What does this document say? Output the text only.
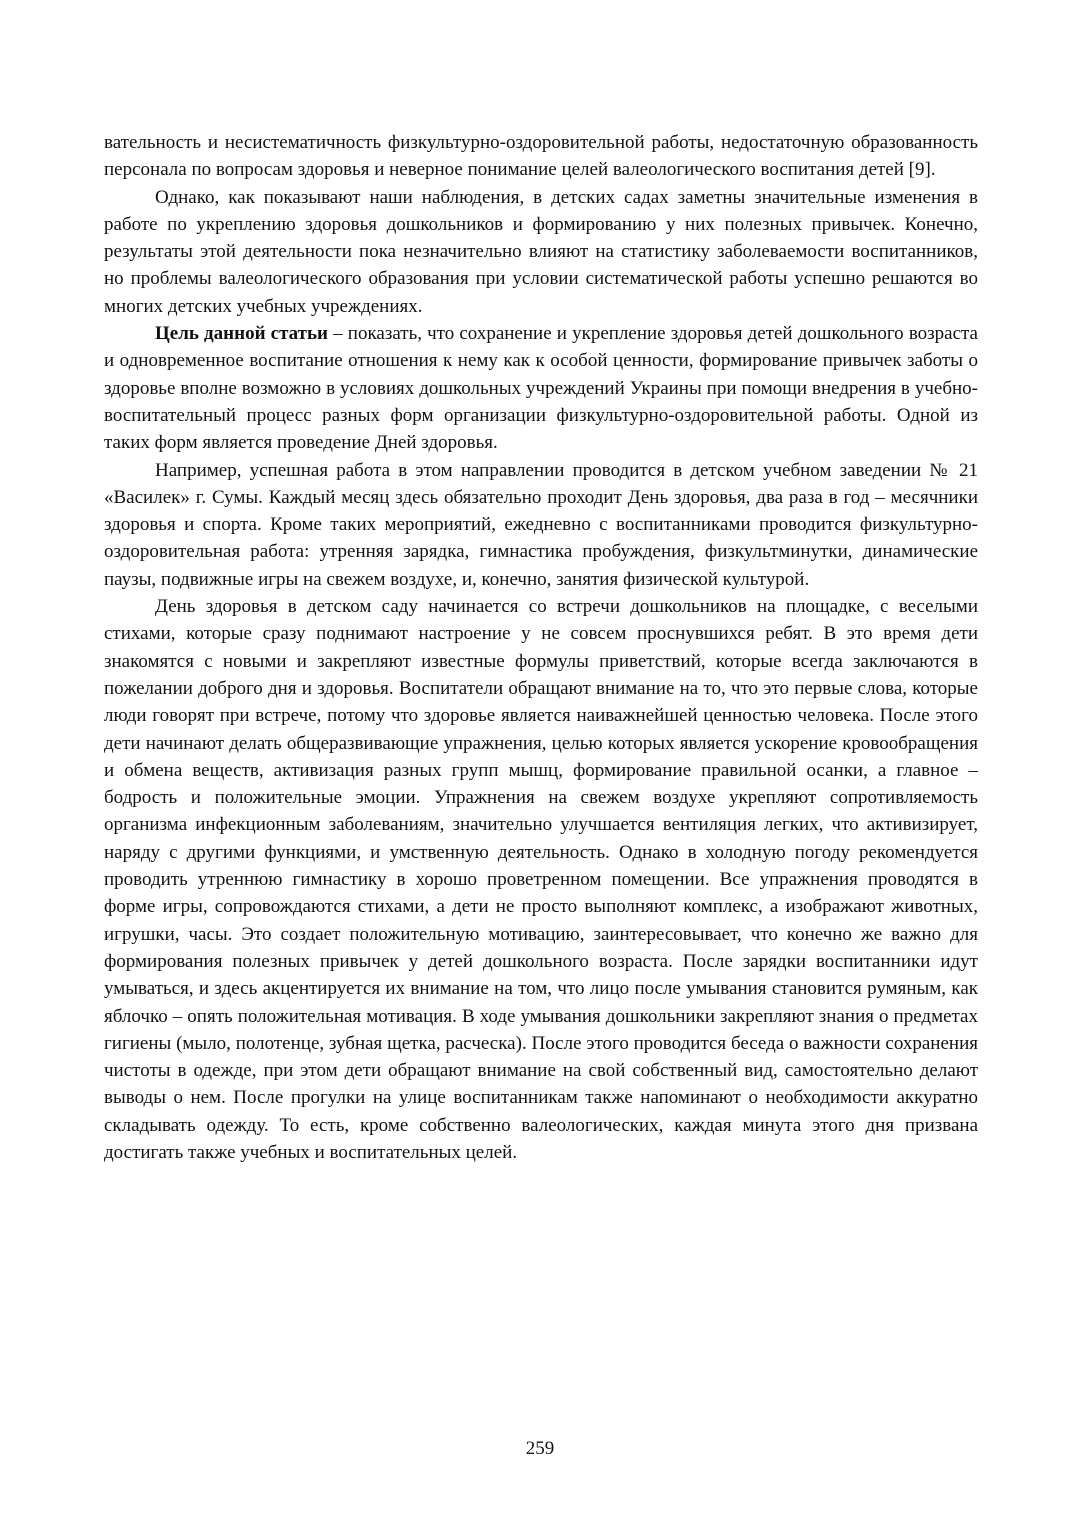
вательность и несистематичность физкультурно-оздоровительной работы, недостаточную образованность персонала по вопросам здоровья и неверное понимание целей валеологического воспитания детей [9].

Однако, как показывают наши наблюдения, в детских садах заметны значительные изменения в работе по укреплению здоровья дошкольников и формированию у них полезных привычек. Конечно, результаты этой деятельности пока незначительно влияют на статистику заболеваемости воспитанников, но проблемы валеологического образования при условии систематической работы успешно решаются во многих детских учебных учреждениях.

Цель данной статьи – показать, что сохранение и укрепление здоровья детей дошкольного возраста и одновременное воспитание отношения к нему как к особой ценности, формирование привычек заботы о здоровье вполне возможно в условиях дошкольных учреждений Украины при помощи внедрения в учебно-воспитательный процесс разных форм организации физкультурно-оздоровительной работы. Одной из таких форм является проведение Дней здоровья.

Например, успешная работа в этом направлении проводится в детском учебном заведении № 21 «Василек» г. Сумы. Каждый месяц здесь обязательно проходит День здоровья, два раза в год – месячники здоровья и спорта. Кроме таких мероприятий, ежедневно с воспитанниками проводится физкультурно-оздоровительная работа: утренняя зарядка, гимнастика пробуждения, физкультминутки, динамические паузы, подвижные игры на свежем воздухе, и, конечно, занятия физической культурой.

День здоровья в детском саду начинается со встречи дошкольников на площадке, с веселыми стихами, которые сразу поднимают настроение у не совсем проснувшихся ребят. В это время дети знакомятся с новыми и закрепляют известные формулы приветствий, которые всегда заключаются в пожелании доброго дня и здоровья. Воспитатели обращают внимание на то, что это первые слова, которые люди говорят при встрече, потому что здоровье является наиважнейшей ценностью человека. После этого дети начинают делать общеразвивающие упражнения, целью которых является ускорение кровообращения и обмена веществ, активизация разных групп мышц, формирование правильной осанки, а главное – бодрость и положительные эмоции. Упражнения на свежем воздухе укрепляют сопротивляемость организма инфекционным заболеваниям, значительно улучшается вентиляция легких, что активизирует, наряду с другими функциями, и умственную деятельность. Однако в холодную погоду рекомендуется проводить утреннюю гимнастику в хорошо проветренном помещении. Все упражнения проводятся в форме игры, сопровождаются стихами, а дети не просто выполняют комплекс, а изображают животных, игрушки, часы. Это создает положительную мотивацию, заинтересовывает, что конечно же важно для формирования полезных привычек у детей дошкольного возраста. После зарядки воспитанники идут умываться, и здесь акцентируется их внимание на том, что лицо после умывания становится румяным, как яблочко – опять положительная мотивация. В ходе умывания дошкольники закрепляют знания о предметах гигиены (мыло, полотенце, зубная щетка, расческа). После этого проводится беседа о важности сохранения чистоты в одежде, при этом дети обращают внимание на свой собственный вид, самостоятельно делают выводы о нем. После прогулки на улице воспитанникам также напоминают о необходимости аккуратно складывать одежду. То есть, кроме собственно валеологических, каждая минута этого дня призвана достигать также учебных и воспитательных целей.

259
